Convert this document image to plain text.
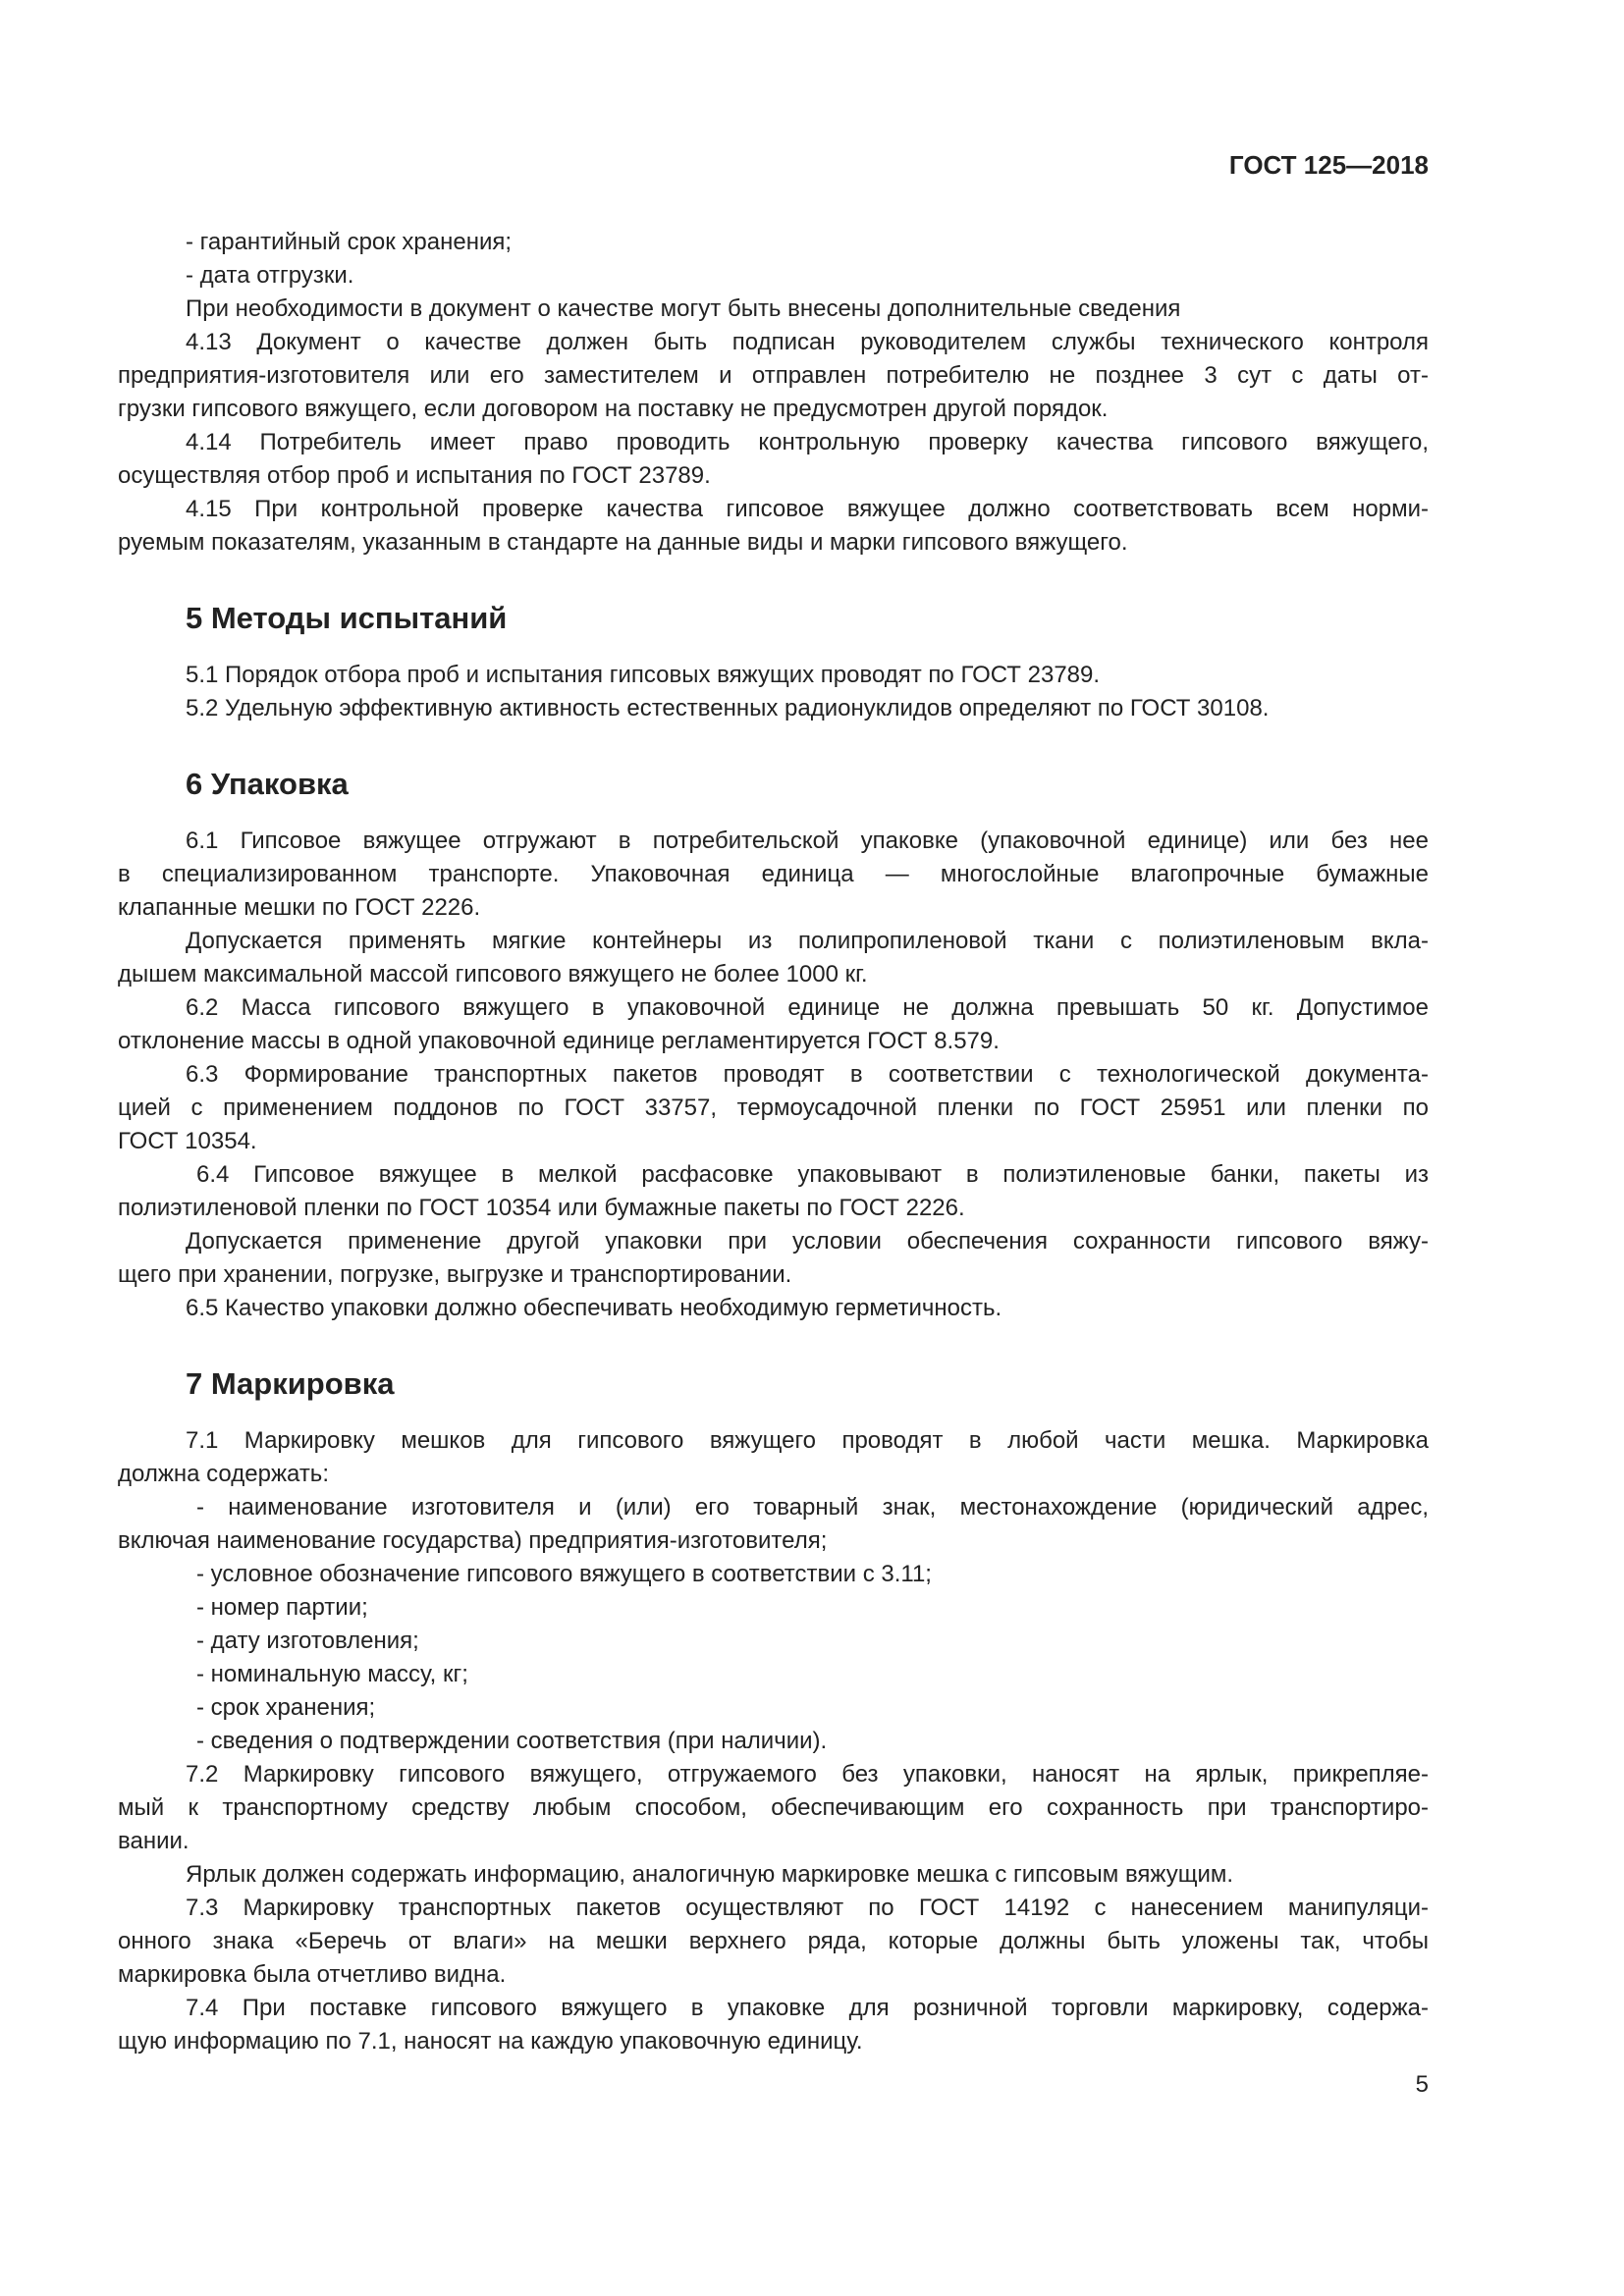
ГОСТ 125—2018
- гарантийный срок хранения;
- дата отгрузки.
При необходимости в документ о качестве могут быть внесены дополнительные сведения
4.13 Документ о качестве должен быть подписан руководителем службы технического контроля
предприятия-изготовителя или его заместителем и отправлен потребителю не позднее 3 сут с даты от-
грузки гипсового вяжущего, если договором на поставку не предусмотрен другой порядок.
4.14 Потребитель имеет право проводить контрольную проверку качества гипсового вяжущего,
осуществляя отбор проб и испытания по ГОСТ 23789.
4.15 При контрольной проверке качества гипсовое вяжущее должно соответствовать всем норми-
руемым показателям, указанным в стандарте на данные виды и марки гипсового вяжущего.
5 Методы испытаний
5.1 Порядок отбора проб и испытания гипсовых вяжущих проводят по ГОСТ 23789.
5.2 Удельную эффективную активность естественных радионуклидов определяют по ГОСТ 30108.
6 Упаковка
6.1 Гипсовое вяжущее отгружают в потребительской упаковке (упаковочной единице) или без нее
в специализированном транспорте. Упаковочная единица — многослойные влагопрочные бумажные
клапанные мешки по ГОСТ 2226.
Допускается применять мягкие контейнеры из полипропиленовой ткани с полиэтиленовым вкла-
дышем максимальной массой гипсового вяжущего не более 1000 кг.
6.2 Масса гипсового вяжущего в упаковочной единице не должна превышать 50 кг. Допустимое
отклонение массы в одной упаковочной единице регламентируется ГОСТ 8.579.
6.3 Формирование транспортных пакетов проводят в соответствии с технологической документа-
цией с применением поддонов по ГОСТ 33757, термоусадочной пленки по ГОСТ 25951 или пленки по
ГОСТ 10354.
6.4 Гипсовое вяжущее в мелкой расфасовке упаковывают в полиэтиленовые банки, пакеты из
полиэтиленовой пленки по ГОСТ 10354 или бумажные пакеты по ГОСТ 2226.
Допускается применение другой упаковки при условии обеспечения сохранности гипсового вяжу-
щего при хранении, погрузке, выгрузке и транспортировании.
6.5 Качество упаковки должно обеспечивать необходимую герметичность.
7 Маркировка
7.1 Маркировку мешков для гипсового вяжущего проводят в любой части мешка. Маркировка
должна содержать:
- наименование изготовителя и (или) его товарный знак, местонахождение (юридический адрес,
включая наименование государства) предприятия-изготовителя;
- условное обозначение гипсового вяжущего в соответствии с 3.11;
- номер партии;
- дату изготовления;
- номинальную массу, кг;
- срок хранения;
- сведения о подтверждении соответствия (при наличии).
7.2 Маркировку гипсового вяжущего, отгружаемого без упаковки, наносят на ярлык, прикрепляе-
мый к транспортному средству любым способом, обеспечивающим его сохранность при транспортиро-
вании.
Ярлык должен содержать информацию, аналогичную маркировке мешка с гипсовым вяжущим.
7.3 Маркировку транспортных пакетов осуществляют по ГОСТ 14192 с нанесением манипуляци-
онного знака «Беречь от влаги» на мешки верхнего ряда, которые должны быть уложены так, чтобы
маркировка была отчетливо видна.
7.4 При поставке гипсового вяжущего в упаковке для розничной торговли маркировку, содержа-
щую информацию по 7.1, наносят на каждую упаковочную единицу.
5
